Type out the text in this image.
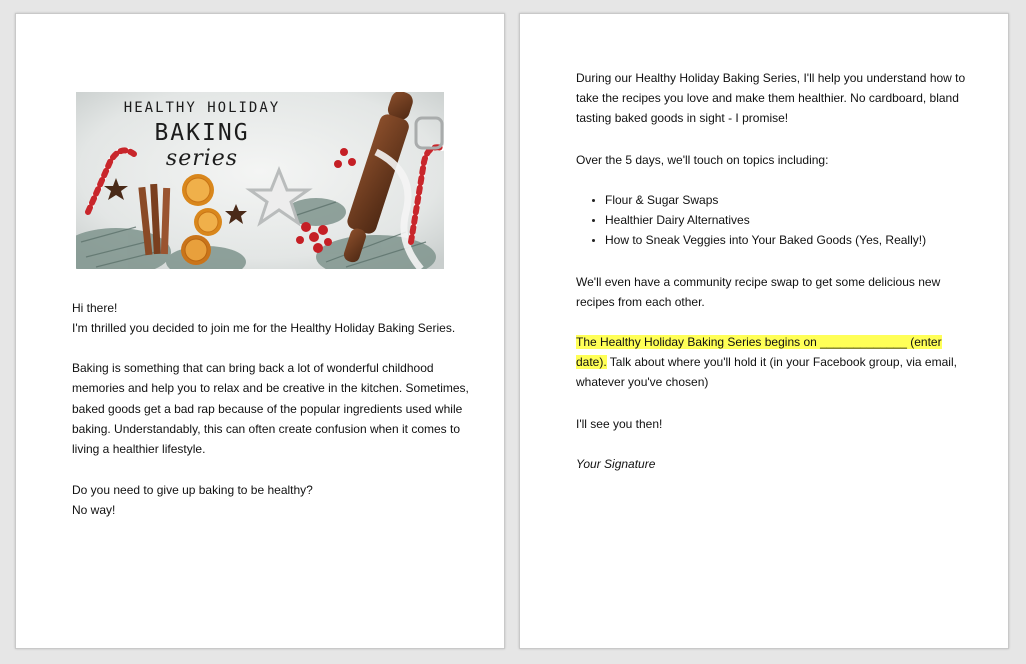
HEALTHY HOLIDAY
BAKING
series

Hi there!

I'm thrilled you decided to join me for the Healthy Holiday Baking Series.

Baking is something that can bring back a lot of wonderful childhood

memories and help you to relax and be creative in the kitchen. Sometimes,

baked goods get a bad rap because of the popular ingredients used while

baking. Understandably, this can often create confusion when it comes to

living a healthier lifestyle.

Do you need to give up baking to be healthy?

No way!

During our Healthy Holiday Baking Series, I'll help you understand how to

take the recipes you love and make them healthier. No cardboard, bland

tasting baked goods in sight - I promise!

Over the 5 days, we'll touch on topics including:

Flour & Sugar Swaps
Healthier Dairy Alternatives
How to Sneak Veggies into Your Baked Goods (Yes, Really!)

We'll even have a community recipe swap to get some delicious new

recipes from each other.

The Healthy Holiday Baking Series begins on _____________ (enter

date). Talk about where you'll hold it (in your Facebook group, via email,

whatever you've chosen)

I'll see you then!

Your Signature
